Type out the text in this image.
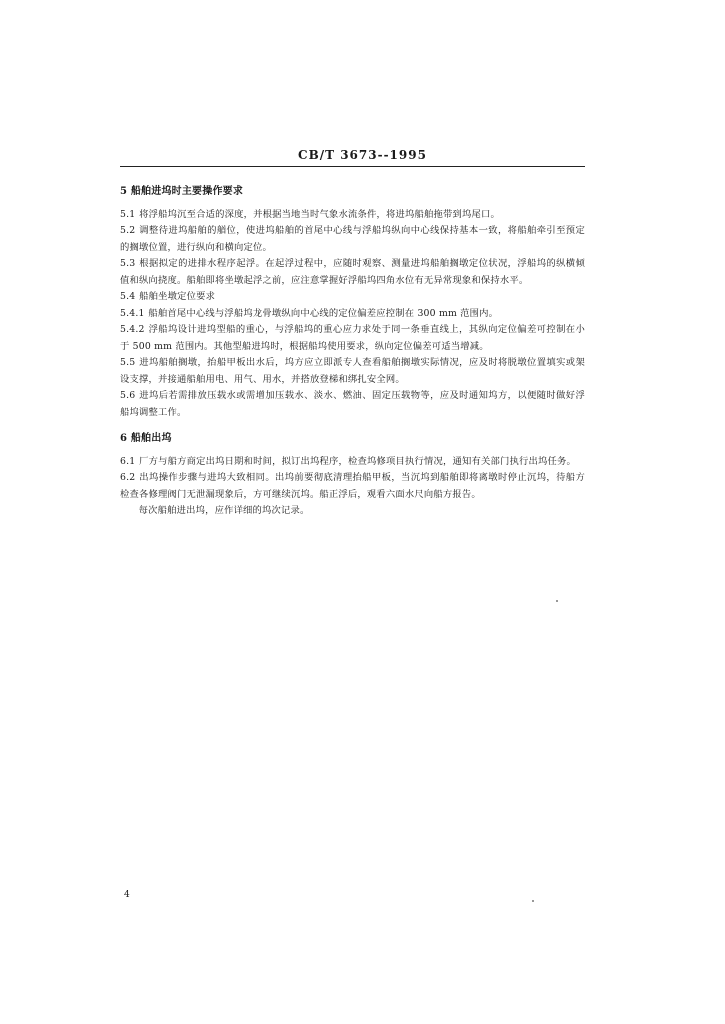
CB/T 3673--1995
5 船舶进坞时主要操作要求

5.1 将浮船坞沉至合适的深度，并根据当地当时气象水流条件，将进坞船舶拖带到坞尾口。

5.2 调整待进坞船舶的艏位，使进坞船舶的首尾中心线与浮船坞纵向中心线保持基本一致，将船舶牵引至预定的搁墩位置，进行纵向和横向定位。

5.3 根据拟定的进排水程序起浮。在起浮过程中，应随时观察、测量进坞船舶搁墩定位状况，浮船坞的纵横倾值和纵向挠度。船舶即将坐墩起浮之前，应注意掌握好浮船坞四角水位有无异常现象和保持水平。

5.4 船舶坐墩定位要求

5.4.1 船舶首尾中心线与浮船坞龙骨墩纵向中心线的定位偏差应控制在 300 mm 范围内。

5.4.2 浮船坞设计进坞型船的重心，与浮船坞的重心应力求处于同一条垂直线上，其纵向定位偏差可控制在小于 500 mm 范围内。其他型船进坞时，根据船坞使用要求，纵向定位偏差可适当增减。

5.5 进坞船舶搁墩，抬船甲板出水后，坞方应立即派专人查看船舶搁墩实际情况，应及时将脱墩位置填实或架设支撑，并接通船舶用电、用气、用水，并搭放登梯和绑扎安全网。

5.6 进坞后若需排放压载水或需增加压载水、淡水、燃油、固定压载物等，应及时通知坞方，以便随时做好浮船坞调整工作。

6 船舶出坞

6.1 厂方与船方商定出坞日期和时间，拟订出坞程序，检查坞修项目执行情况，通知有关部门执行出坞任务。

6.2 出坞操作步骤与进坞大致相同。出坞前要彻底清理抬船甲板，当沉坞到船舶即将离墩时停止沉坞，待船方检查各修理阀门无泄漏现象后，方可继续沉坞。船正浮后，观看六面水尺向船方报告。

每次船舶进出坞，应作详细的坞次记录。

4
